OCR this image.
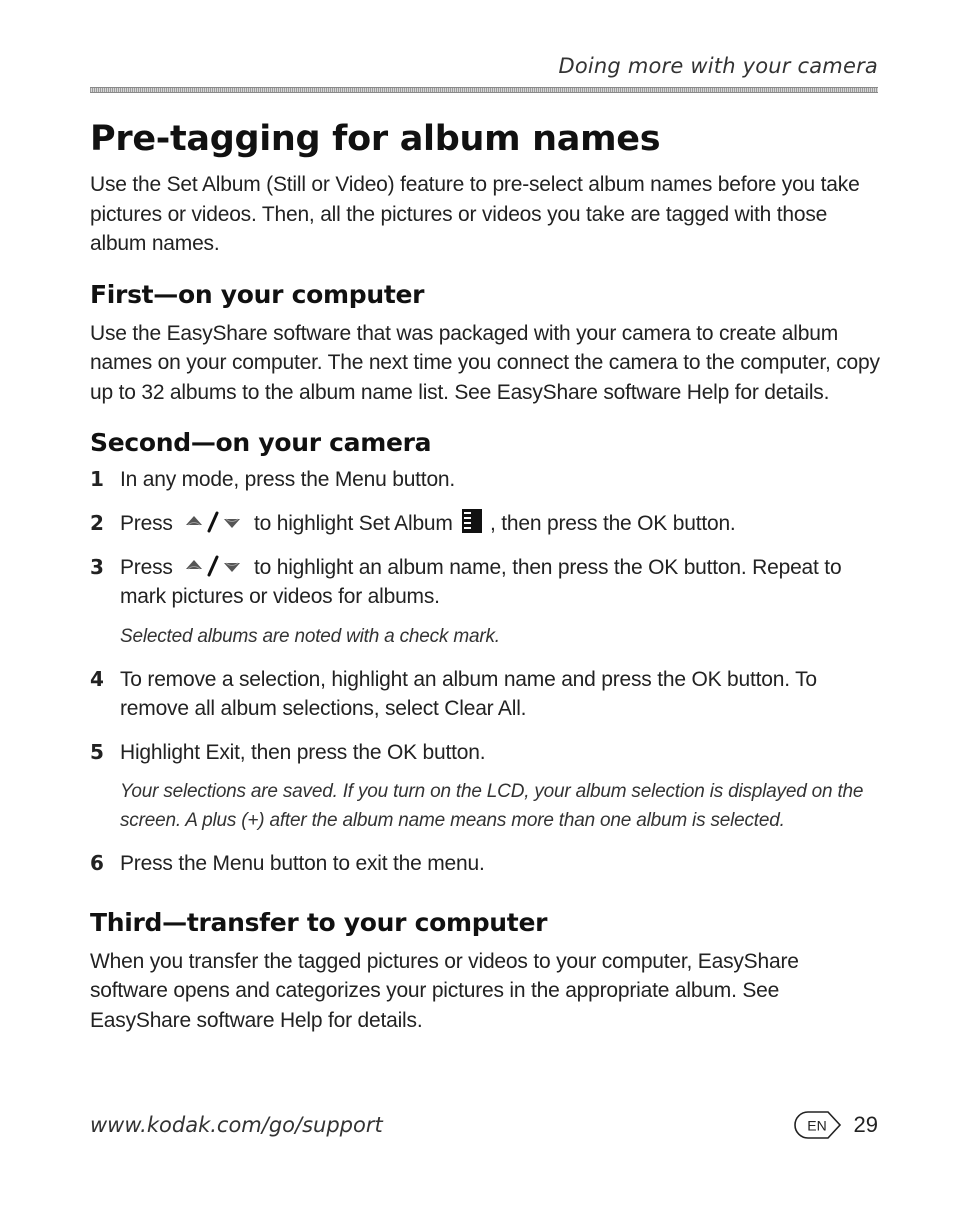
Doing more with your camera
Pre-tagging for album names

Use the Set Album (Still or Video) feature to pre-select album names before you take pictures or videos. Then, all the pictures or videos you take are tagged with those album names.

First—on your computer

Use the EasyShare software that was packaged with your camera to create album names on your computer. The next time you connect the camera to the computer, copy up to 32 albums to the album name list. See EasyShare software Help for details.

Second—on your camera
1 In any mode, press the Menu button.
2 Press	to highlight Set Album , then press the OK button.
3 Press	to highlight an album name, then press the OK button. Repeat to mark pictures or videos for albums.
Selected albums are noted with a check mark.
4 To remove a selection, highlight an album name and press the OK button. To remove all album selections, select Clear All.
5 Highlight Exit, then press the OK button.
Your selections are saved. If you turn on the LCD, your album selection is displayed on the screen. A plus (+) after the album name means more than one album is selected.
6 Press the Menu button to exit the menu.
Third—transfer to your computer

When you transfer the tagged pictures or videos to your computer, EasyShare software opens and categorizes your pictures in the appropriate album. See EasyShare software Help for details.

www.kodak.com/go/support	EN 29
